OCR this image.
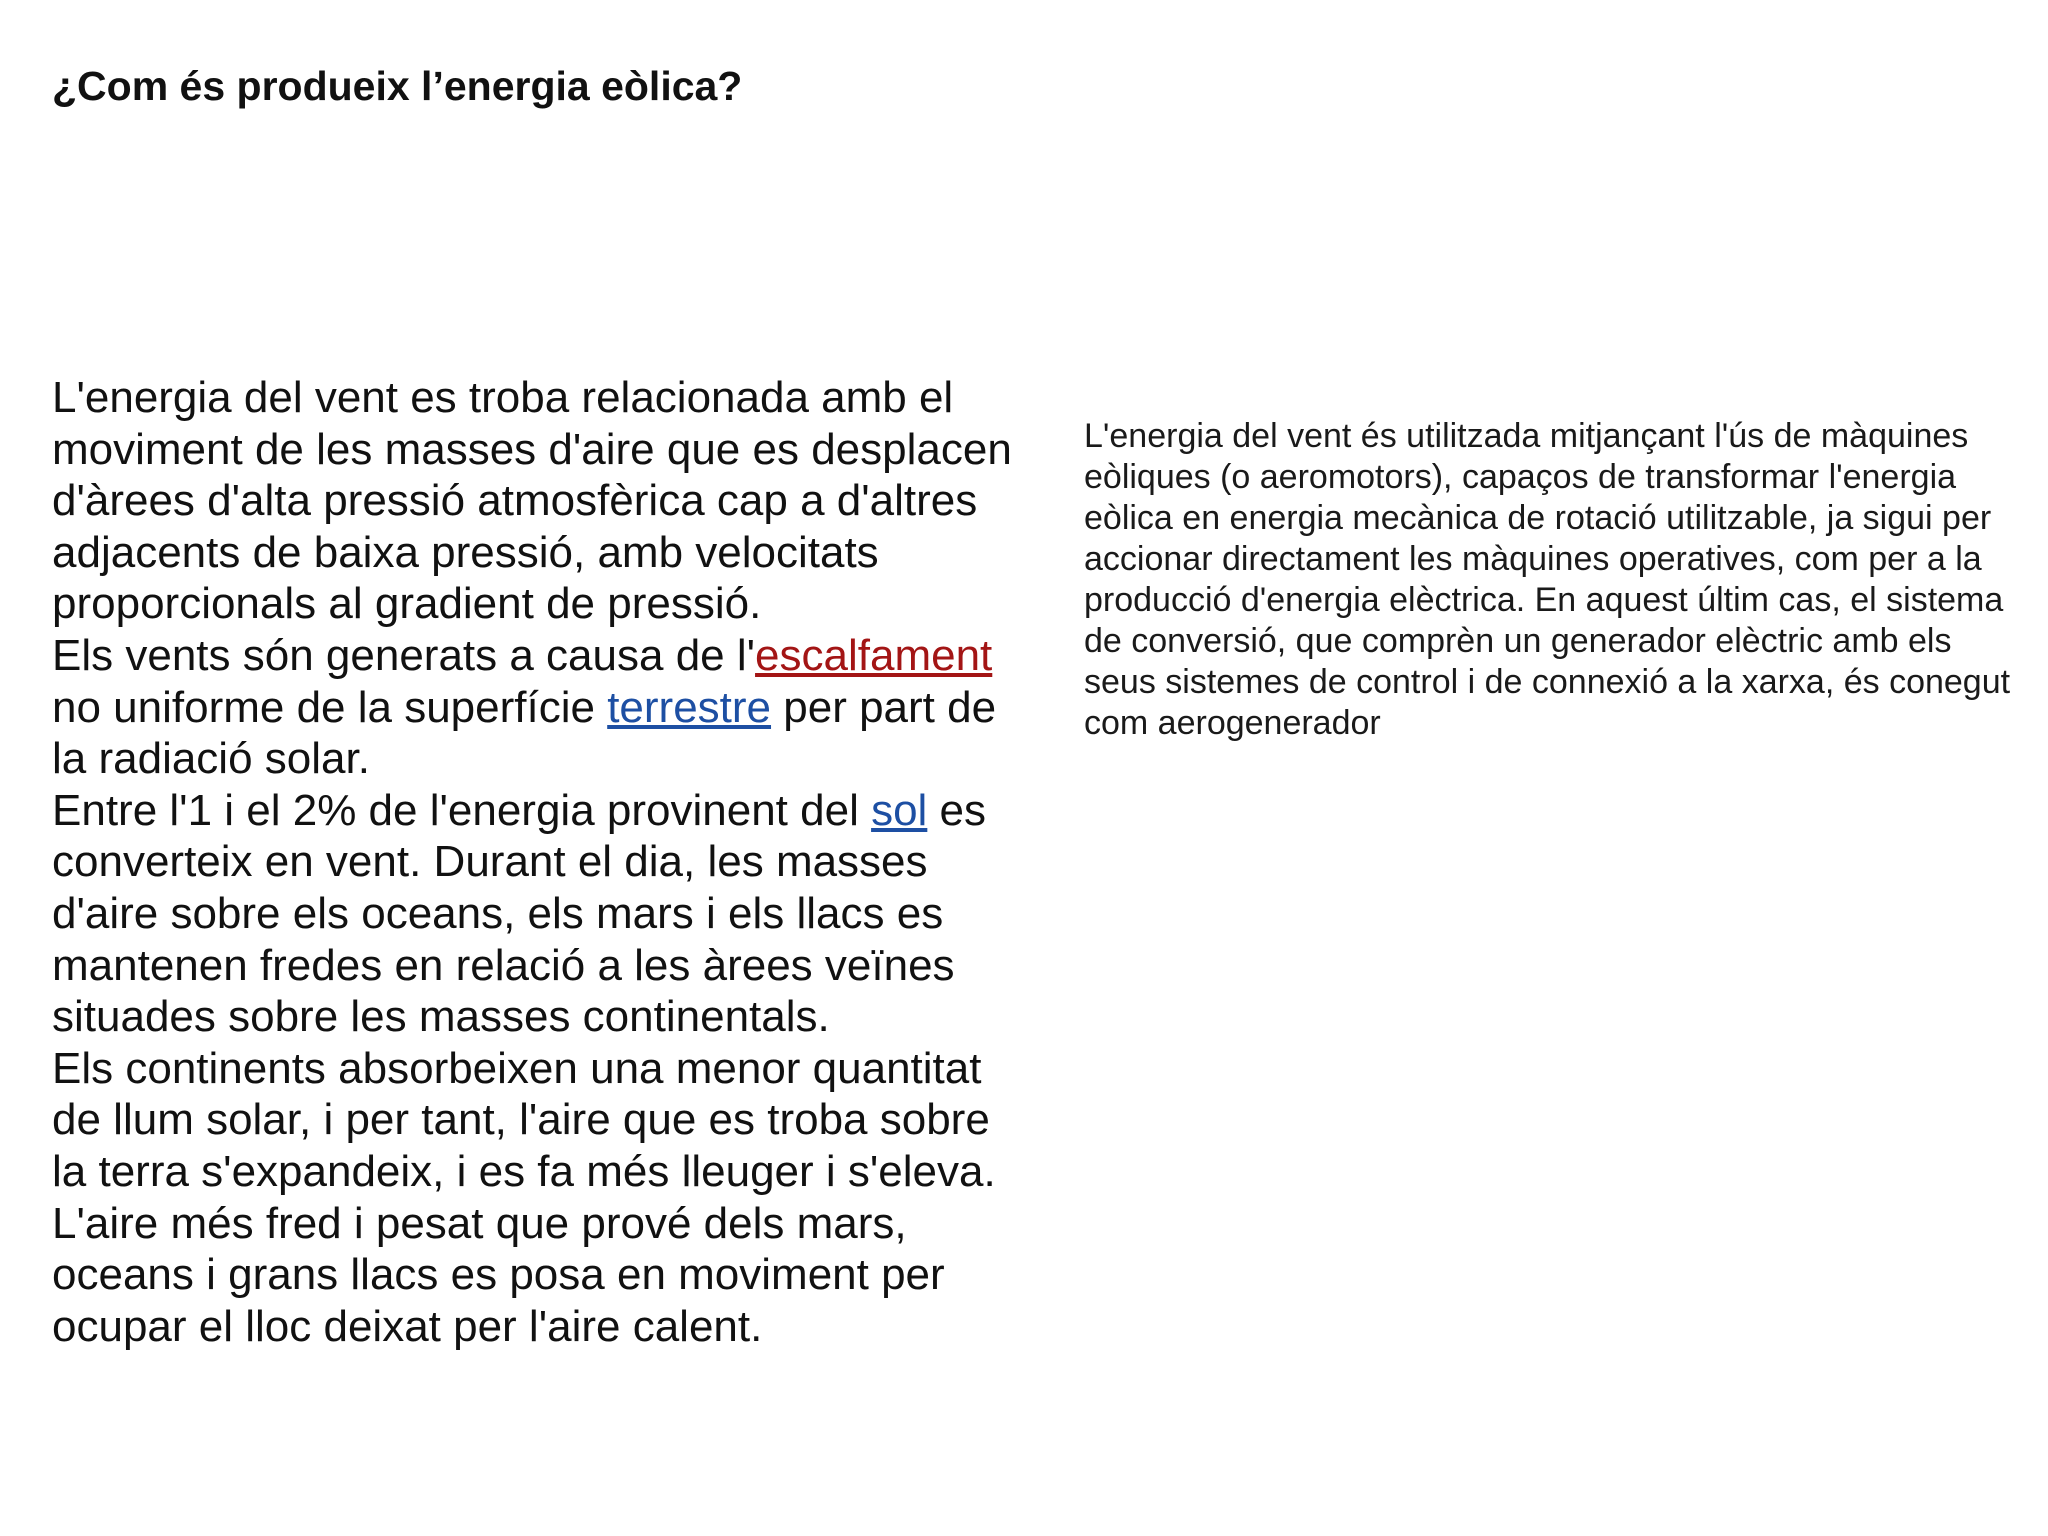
¿Com és produeix l’energia eòlica?

L'energia del vent es troba relacionada amb el moviment de les masses d'aire que es desplacen d'àrees d'alta pressió atmosfèrica cap a d'altres adjacents de baixa pressió, amb velocitats proporcionals al gradient de pressió.

Els vents són generats a causa de l'escalfament no uniforme de la superfície terrestre per part de la radiació solar.

Entre l'1 i el 2% de l'energia provinent del sol es converteix en vent. Durant el dia, les masses d'aire sobre els oceans, els mars i els llacs es mantenen fredes en relació a les àrees veïnes situades sobre les masses continentals.

Els continents absorbeixen una menor quantitat de llum solar, i per tant, l'aire que es troba sobre la terra s'expandeix, i es fa més lleuger i s'eleva. L'aire més fred i pesat que prové dels mars, oceans i grans llacs es posa en moviment per ocupar el lloc deixat per l'aire calent.

L'energia del vent és utilitzada mitjançant l'ús de màquines eòliques (o aeromotors), capaços de transformar l'energia eòlica en energia mecànica de rotació utilitzable, ja sigui per accionar directament les màquines operatives, com per a la producció d'energia elèctrica. En aquest últim cas, el sistema de conversió, que comprèn un generador elèctric amb els seus sistemes de control i de connexió a la xarxa, és conegut com aerogenerador
